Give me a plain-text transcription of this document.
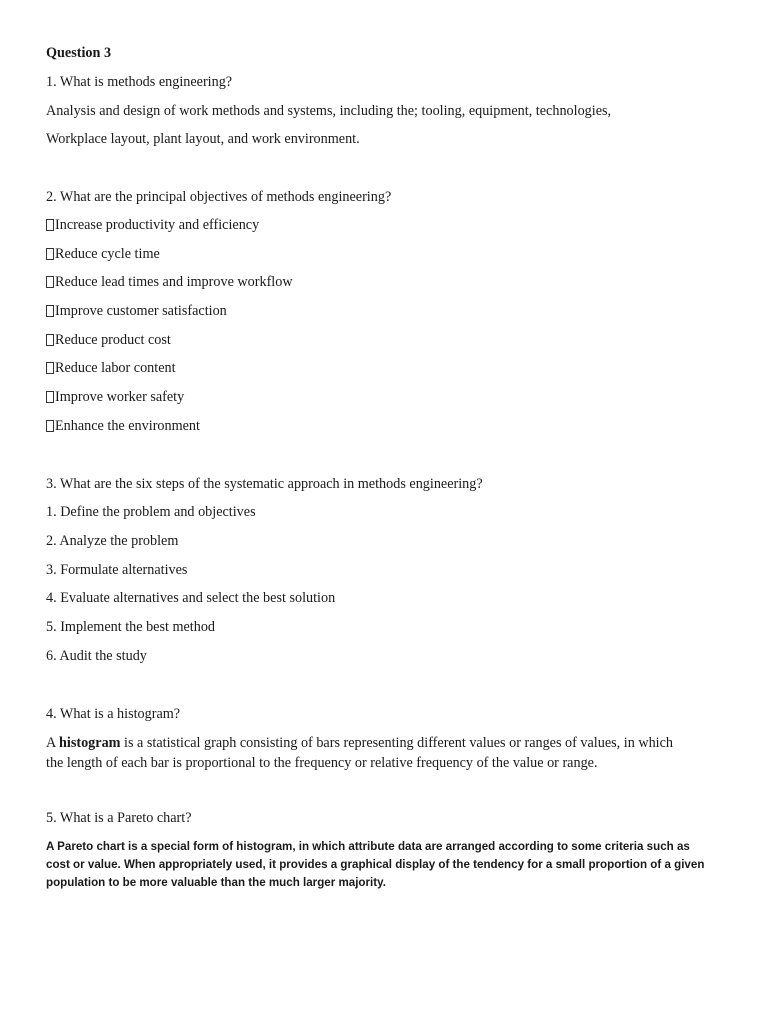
Question 3
1. What is methods engineering?
Analysis and design of work methods and systems, including the; tooling, equipment, technologies,
Workplace layout, plant layout, and work environment.
2. What are the principal objectives of methods engineering?
Increase productivity and efficiency
Reduce cycle time
Reduce lead times and improve workflow
Improve customer satisfaction
Reduce product cost
Reduce labor content
Improve worker safety
Enhance the environment
3. What are the six steps of the systematic approach in methods engineering?
1. Define the problem and objectives
2. Analyze the problem
3. Formulate alternatives
4. Evaluate alternatives and select the best solution
5. Implement the best method
6. Audit the study
4. What is a histogram?
A histogram is a statistical graph consisting of bars representing different values or ranges of values, in which
the length of each bar is proportional to the frequency or relative frequency of the value or range.
5. What is a Pareto chart?
A Pareto chart is a special form of histogram, in which attribute data are arranged according to some criteria such as
cost or value. When appropriately used, it provides a graphical display of the tendency for a small proportion of a given
population to be more valuable than the much larger majority.
